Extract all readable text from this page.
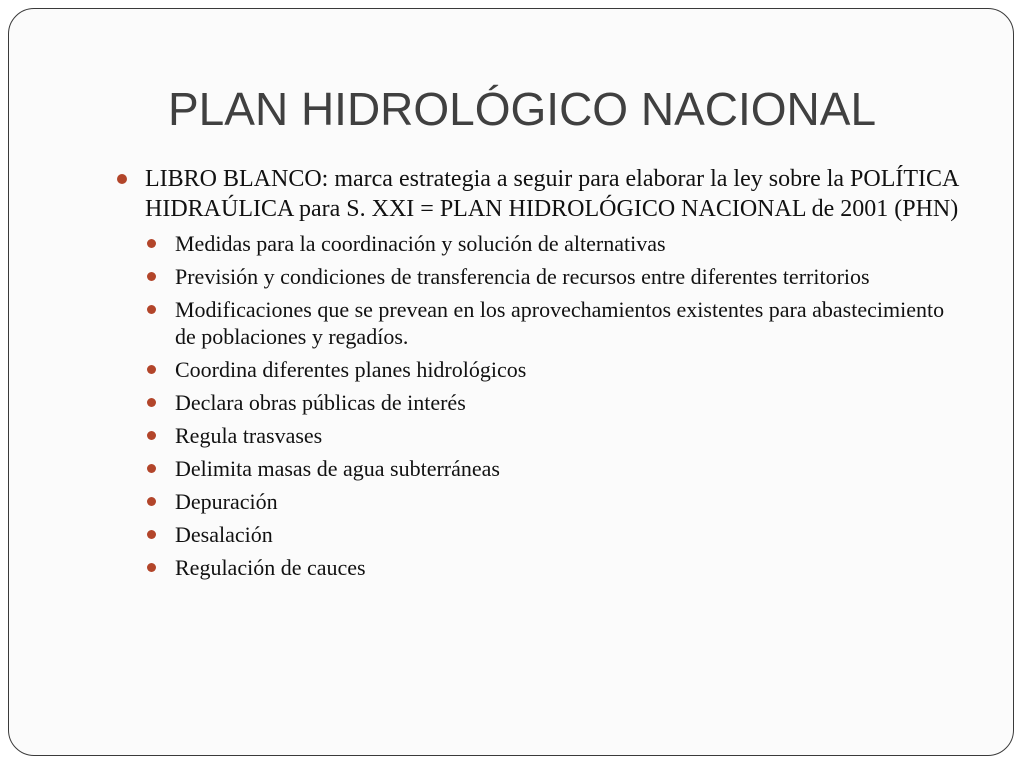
PLAN HIDROLÓGICO NACIONAL
LIBRO BLANCO: marca estrategia a seguir para elaborar la ley sobre la POLÍTICA HIDRAÚLICA para S. XXI = PLAN HIDROLÓGICO NACIONAL de 2001 (PHN)
Medidas para la coordinación y solución de alternativas
Previsión y condiciones de transferencia de recursos entre diferentes territorios
Modificaciones que se prevean en los aprovechamientos existentes para abastecimiento de poblaciones y regadíos.
Coordina diferentes planes hidrológicos
Declara obras públicas de interés
Regula trasvases
Delimita masas de agua subterráneas
Depuración
Desalación
Regulación de cauces
